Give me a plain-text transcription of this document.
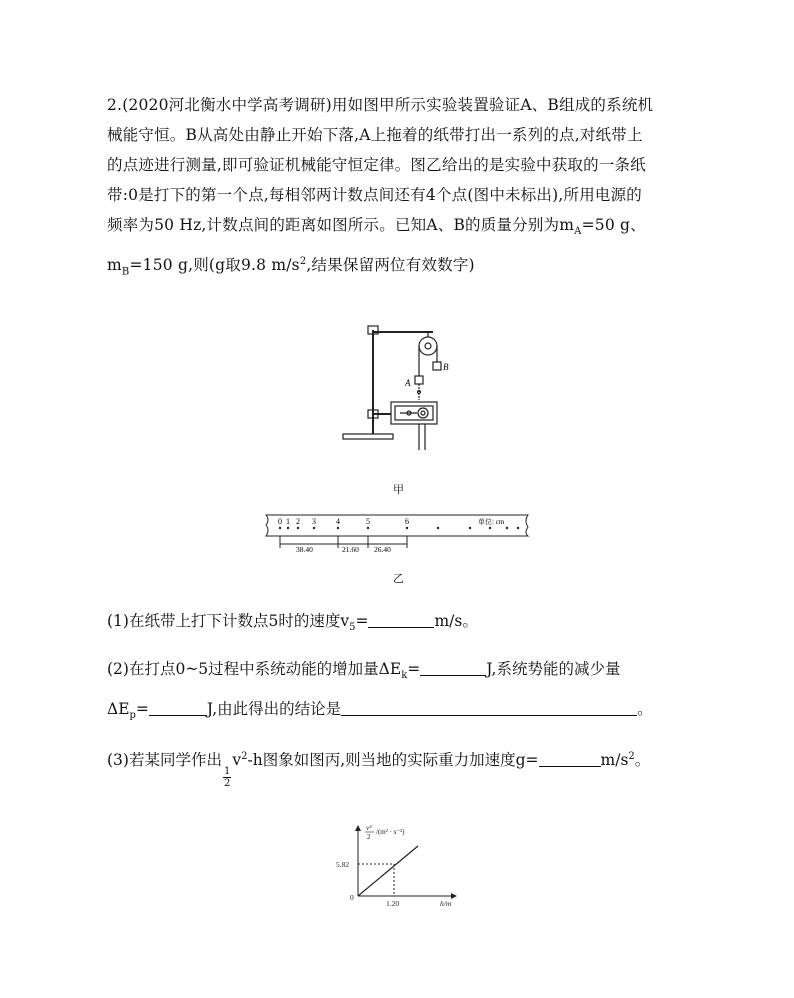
2.(2020河北衡水中学高考调研)用如图甲所示实验装置验证A、B组成的系统机
械能守恒。B从高处由静止开始下落,A上拖着的纸带打出一系列的点,对纸带上
的点迹进行测量,即可验证机械能守恒定律。图乙给出的是实验中获取的一条纸
带:0是打下的第一个点,每相邻两计数点间还有4个点(图中未标出),所用电源的
频率为50 Hz,计数点间的距离如图所示。已知A、B的质量分别为$m_A=50$ g、
$m_B=150$ g,则(g取9.8 $m/s^2$,结果保留两位有效数字)
A
B
甲
0 1 2 3	4	5	6	单位: cm
38.40	21.60 26.40
乙
(1)在纸带上打下计数点5时的速度$v_5=$	m/s。
(2)在打点0~5过程中系统动能的增加量$\Delta E_k=$	J,系统势能的减少量
$\Delta E_p=$	J,由此得出的结论是	。
(3)若某同学作出
$\frac{1}{2}$
$v^2-h$图象如图丙,则当地的实际重力加速度g=	$m/s^2$。
v²
2
/(m² · s⁻²)
h/m
0
5.82
1.20
